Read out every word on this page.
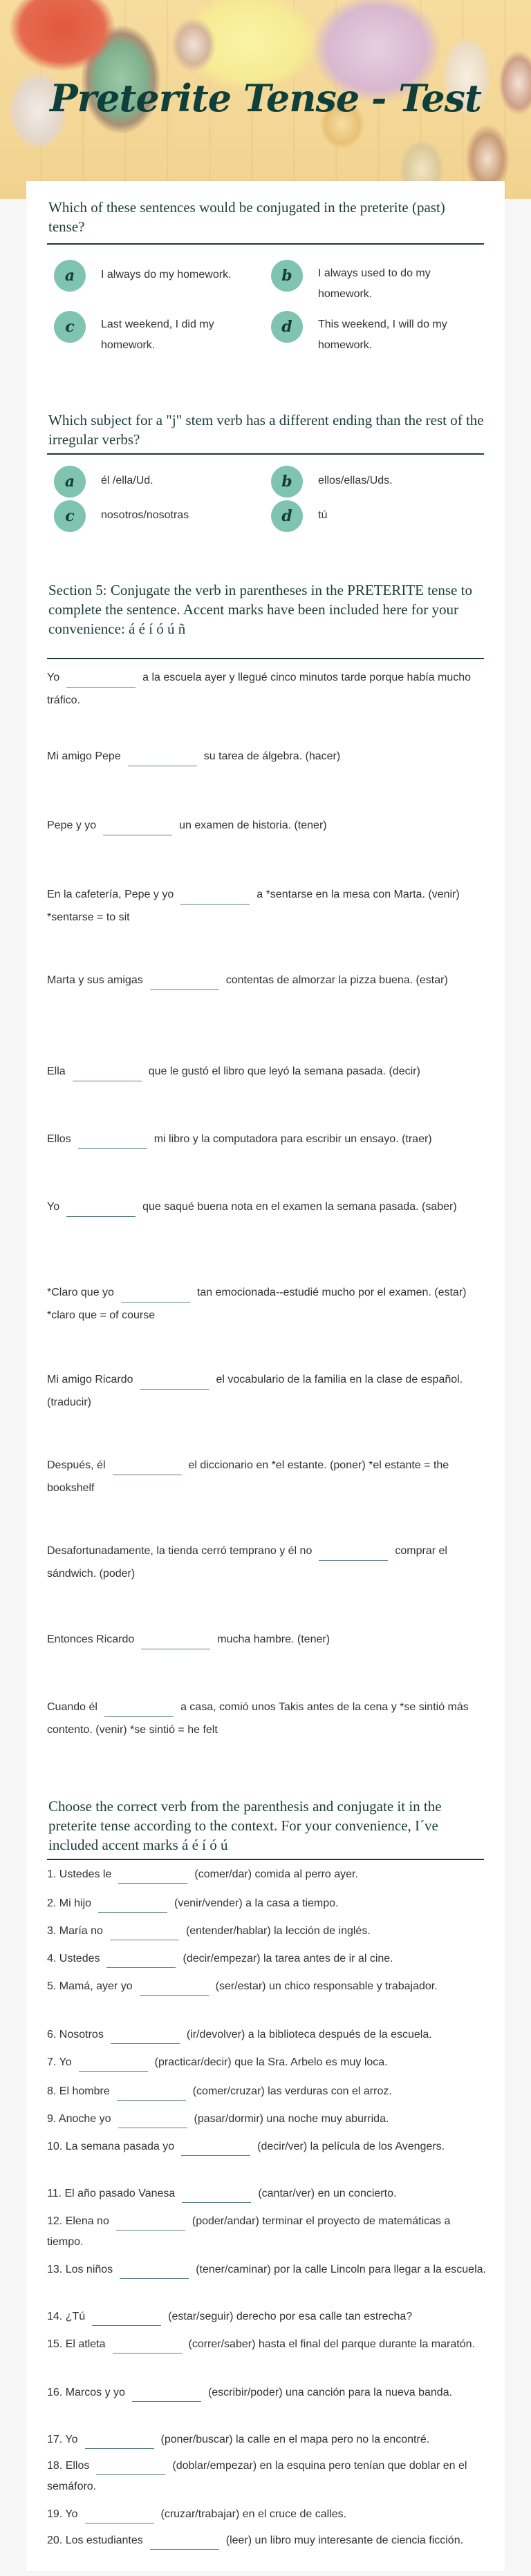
Preterite Tense - Test
Which of these sentences would be conjugated in the preterite (past) tense?
a	I always do my homework.	b	I always used to do my homework.
c	Last weekend, I did my homework.
d	This weekend, I will do my homework.
Which subject for a "j" stem verb has a different ending than the rest of the irregular verbs?
a	él /ella/Ud.	b	ellos/ellas/Uds.
c	nosotros/nosotras	d	tú
Section 5: Conjugate the verb in parentheses in the PRETERITE tense to complete the sentence. Accent marks have been included here for your convenience: á é í ó ú ñ
Yo	a la escuela ayer y llegué cinco minutos tarde porque había mucho tráfico.
Mi amigo Pepe	su tarea de álgebra. (hacer)
Pepe y yo	un examen de historia. (tener)
En la cafetería, Pepe y yo	a *sentarse en la mesa con Marta. (venir) *sentarse = to sit
Marta y sus amigas	contentas de almorzar la pizza buena. (estar)
Ella	que le gustó el libro que leyó la semana pasada. (decir)
Ellos	mi libro y la computadora para escribir un ensayo. (traer)
Yo	que saqué buena nota en el examen la semana pasada. (saber)
*Claro que yo	tan emocionada--estudié mucho por el examen. (estar) *claro que = of course
Mi amigo Ricardo	el vocabulario de la familia en la clase de español. (traducir)
Después, él	el diccionario en *el estante. (poner) *el estante = the bookshelf
Desafortunadamente, la tienda cerró temprano y él no	comprar el sándwich. (poder)
Entonces Ricardo	mucha hambre. (tener)
Cuando él	a casa, comió unos Takis antes de la cena y *se sintió más contento. (venir) *se sintió = he felt
Choose the correct verb from the parenthesis and conjugate it in the preterite tense according to the context. For your convenience, I´ve included accent marks á é í ó ú
1. Ustedes le	(comer/dar) comida al perro ayer.
2. Mi hijo	(venir/vender) a la casa a tiempo.
3. María no	(entender/hablar) la lección de inglés.
4. Ustedes	(decir/empezar) la tarea antes de ir al cine.
5. Mamá, ayer yo	(ser/estar) un chico responsable y trabajador.
6. Nosotros	(ir/devolver) a la biblioteca después de la escuela.
7. Yo	(practicar/decir) que la Sra. Arbelo es muy loca.
8. El hombre	(comer/cruzar) las verduras con el arroz.
9. Anoche yo	(pasar/dormir) una noche muy aburrida.
10. La semana pasada yo	(decir/ver) la película de los Avengers.
11. El año pasado Vanesa	(cantar/ver) en un concierto.
12. Elena no	(poder/andar) terminar el proyecto de matemáticas a tiempo.
13. Los niños	(tener/caminar) por la calle Lincoln para llegar a la escuela.
14. ¿Tú	(estar/seguir) derecho por esa calle tan estrecha?
15. El atleta	(correr/saber) hasta el final del parque durante la maratón.
16. Marcos y yo	(escribir/poder) una canción para la nueva banda.
17. Yo	(poner/buscar) la calle en el mapa pero no la encontré.
18. Ellos	(doblar/empezar) en la esquina pero tenían que doblar en el semáforo.
19. Yo	(cruzar/trabajar) en el cruce de calles.
20. Los estudiantes	(leer) un libro muy interesante de ciencia ficción.
